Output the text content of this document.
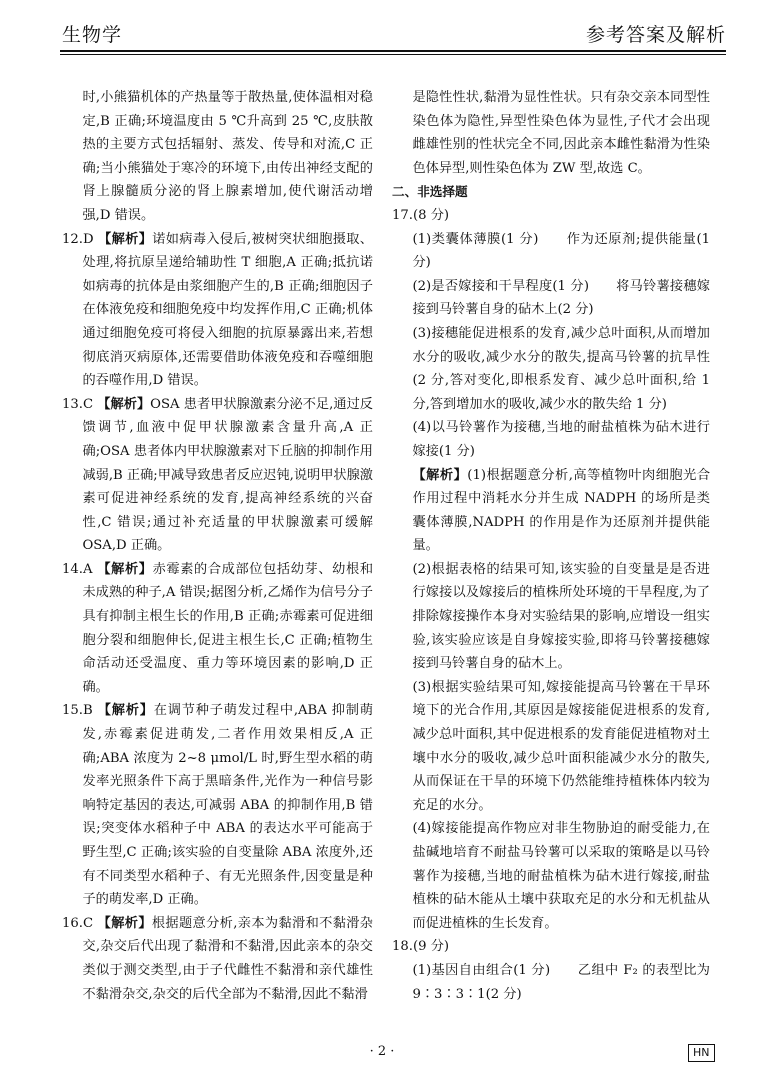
生物学	参考答案及解析

时,小熊猫机体的产热量等于散热量,使体温相对稳定,B 正确;环境温度由 5 ℃升高到 25 ℃,皮肤散热的主要方式包括辐射、蒸发、传导和对流,C 正确;当小熊猫处于寒冷的环境下,由传出神经支配的肾上腺髓质分泌的肾上腺素增加,使代谢活动增强,D 错误。

12.D 【解析】诺如病毒入侵后,被树突状细胞摄取、处理,将抗原呈递给辅助性 T 细胞,A 正确;抵抗诺如病毒的抗体是由浆细胞产生的,B 正确;细胞因子在体液免疫和细胞免疫中均发挥作用,C 正确;机体通过细胞免疫可将侵入细胞的抗原暴露出来,若想彻底消灭病原体,还需要借助体液免疫和吞噬细胞的吞噬作用,D 错误。

13.C 【解析】OSA 患者甲状腺激素分泌不足,通过反馈调节,血液中促甲状腺激素含量升高,A 正确;OSA 患者体内甲状腺激素对下丘脑的抑制作用减弱,B 正确;甲减导致患者反应迟钝,说明甲状腺激素可促进神经系统的发育,提高神经系统的兴奋性,C 错误;通过补充适量的甲状腺激素可缓解 OSA,D 正确。

14.A 【解析】赤霉素的合成部位包括幼芽、幼根和未成熟的种子,A 错误;据图分析,乙烯作为信号分子具有抑制主根生长的作用,B 正确;赤霉素可促进细胞分裂和细胞伸长,促进主根生长,C 正确;植物生命活动还受温度、重力等环境因素的影响,D 正确。

15.B 【解析】在调节种子萌发过程中,ABA 抑制萌发,赤霉素促进萌发,二者作用效果相反,A 正确;ABA 浓度为 2~8 μmol/L 时,野生型水稻的萌发率光照条件下高于黑暗条件,光作为一种信号影响特定基因的表达,可减弱 ABA 的抑制作用,B 错误;突变体水稻种子中 ABA 的表达水平可能高于野生型,C 正确;该实验的自变量除 ABA 浓度外,还有不同类型水稻种子、有无光照条件,因变量是种子的萌发率,D 正确。

16.C 【解析】根据题意分析,亲本为黏滑和不黏滑杂交,杂交后代出现了黏滑和不黏滑,因此亲本的杂交类似于测交类型,由于子代雌性不黏滑和亲代雄性不黏滑杂交,杂交的后代全部为不黏滑,因此不黏滑

是隐性性状,黏滑为显性性状。只有杂交亲本同型性染色体为隐性,异型性染色体为显性,子代才会出现雌雄性别的性状完全不同,因此亲本雌性黏滑为性染色体异型,则性染色体为 ZW 型,故选 C。

二、非选择题

17.(8 分)

(1)类囊体薄膜(1 分)　　作为还原剂;提供能量(1 分)

(2)是否嫁接和干旱程度(1 分)　　将马铃薯接穗嫁接到马铃薯自身的砧木上(2 分)

(3)接穗能促进根系的发育,减少总叶面积,从而增加水分的吸收,减少水分的散失,提高马铃薯的抗旱性(2 分,答对变化,即根系发育、减少总叶面积,给 1 分,答到增加水的吸收,减少水的散失给 1 分)

(4)以马铃薯作为接穗,当地的耐盐植株为砧木进行嫁接(1 分)

【解析】(1)根据题意分析,高等植物叶肉细胞光合作用过程中消耗水分并生成 NADPH 的场所是类囊体薄膜,NADPH 的作用是作为还原剂并提供能量。

(2)根据表格的结果可知,该实验的自变量是是否进行嫁接以及嫁接后的植株所处环境的干旱程度,为了排除嫁接操作本身对实验结果的影响,应增设一组实验,该实验应该是自身嫁接实验,即将马铃薯接穗嫁接到马铃薯自身的砧木上。

(3)根据实验结果可知,嫁接能提高马铃薯在干旱环境下的光合作用,其原因是嫁接能促进根系的发育,减少总叶面积,其中促进根系的发育能促进植物对土壤中水分的吸收,减少总叶面积能减少水分的散失,从而保证在干旱的环境下仍然能维持植株体内较为充足的水分。

(4)嫁接能提高作物应对非生物胁迫的耐受能力,在盐碱地培育不耐盐马铃薯可以采取的策略是以马铃薯作为接穗,当地的耐盐植株为砧木进行嫁接,耐盐植株的砧木能从土壤中获取充足的水分和无机盐从而促进植株的生长发育。

18.(9 分)

(1)基因自由组合(1 分)　　乙组中 F₂ 的表型比为 9∶3∶3∶1(2 分)

· 2 ·	HN
